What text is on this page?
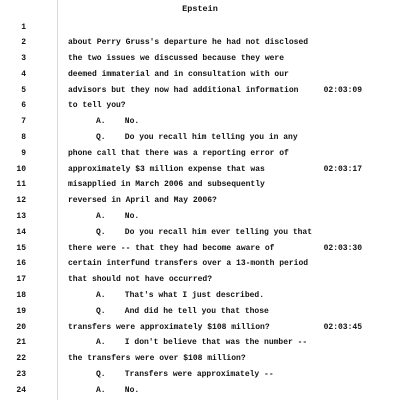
Epstein
1
2	about Perry Gruss's departure he had not disclosed
3	the two issues we discussed because they were
4	deemed immaterial and in consultation with our
5	advisors but they now had additional information	02:03:09
6	to tell you?
7	A.    No.
8	Q.    Do you recall him telling you in any
9	phone call that there was a reporting error of
10	approximately $3 million expense that was	02:03:17
11	misapplied in March 2006 and subsequently
12	reversed in April and May 2006?
13	A.    No.
14	Q.    Do you recall him ever telling you that
15	there were -- that they had become aware of	02:03:30
16	certain interfund transfers over a 13-month period
17	that should not have occurred?
18	A.    That's what I just described.
19	Q.    And did he tell you that those
20	transfers were approximately $108 million?	02:03:45
21	A.    I don't believe that was the number --
22	the transfers were over $108 million?
23	Q.    Transfers were approximately --
24	A.    No.
